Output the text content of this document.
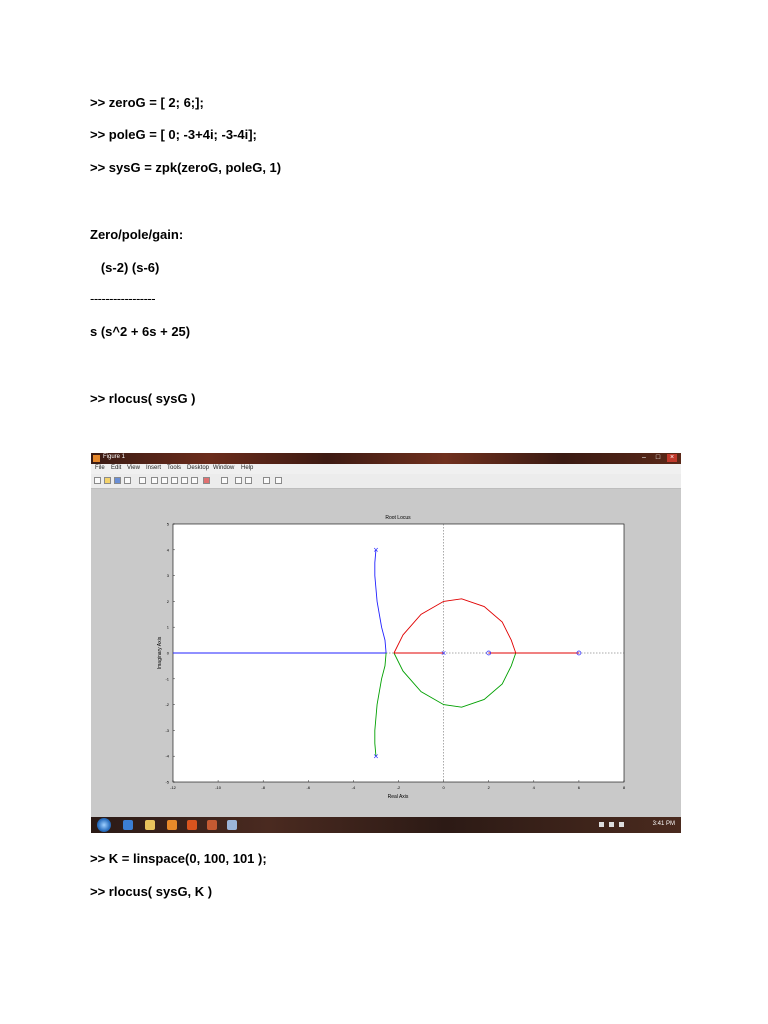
>> zeroG = [ 2; 6;];
>> poleG = [ 0; -3+4i; -3-4i];
>> sysG = zpk(zeroG, poleG, 1)
Zero/pole/gain:
(s-2) (s-6)
-----------------
s (s^2 + 6s + 25)
>> rlocus( sysG )
Figure 1	–	□	×
File Edit View Insert Tools Desktop Window Help
Root Locus
Real Axis
Imaginary Axis
-12	-10	-8	-6	-4	-2	0	2	4	6	8
5
4
3
2
1
0
-1
-2
-3
-4
-5
3:41 PM
>> K = linspace(0, 100, 101 );
>> rlocus( sysG, K )
